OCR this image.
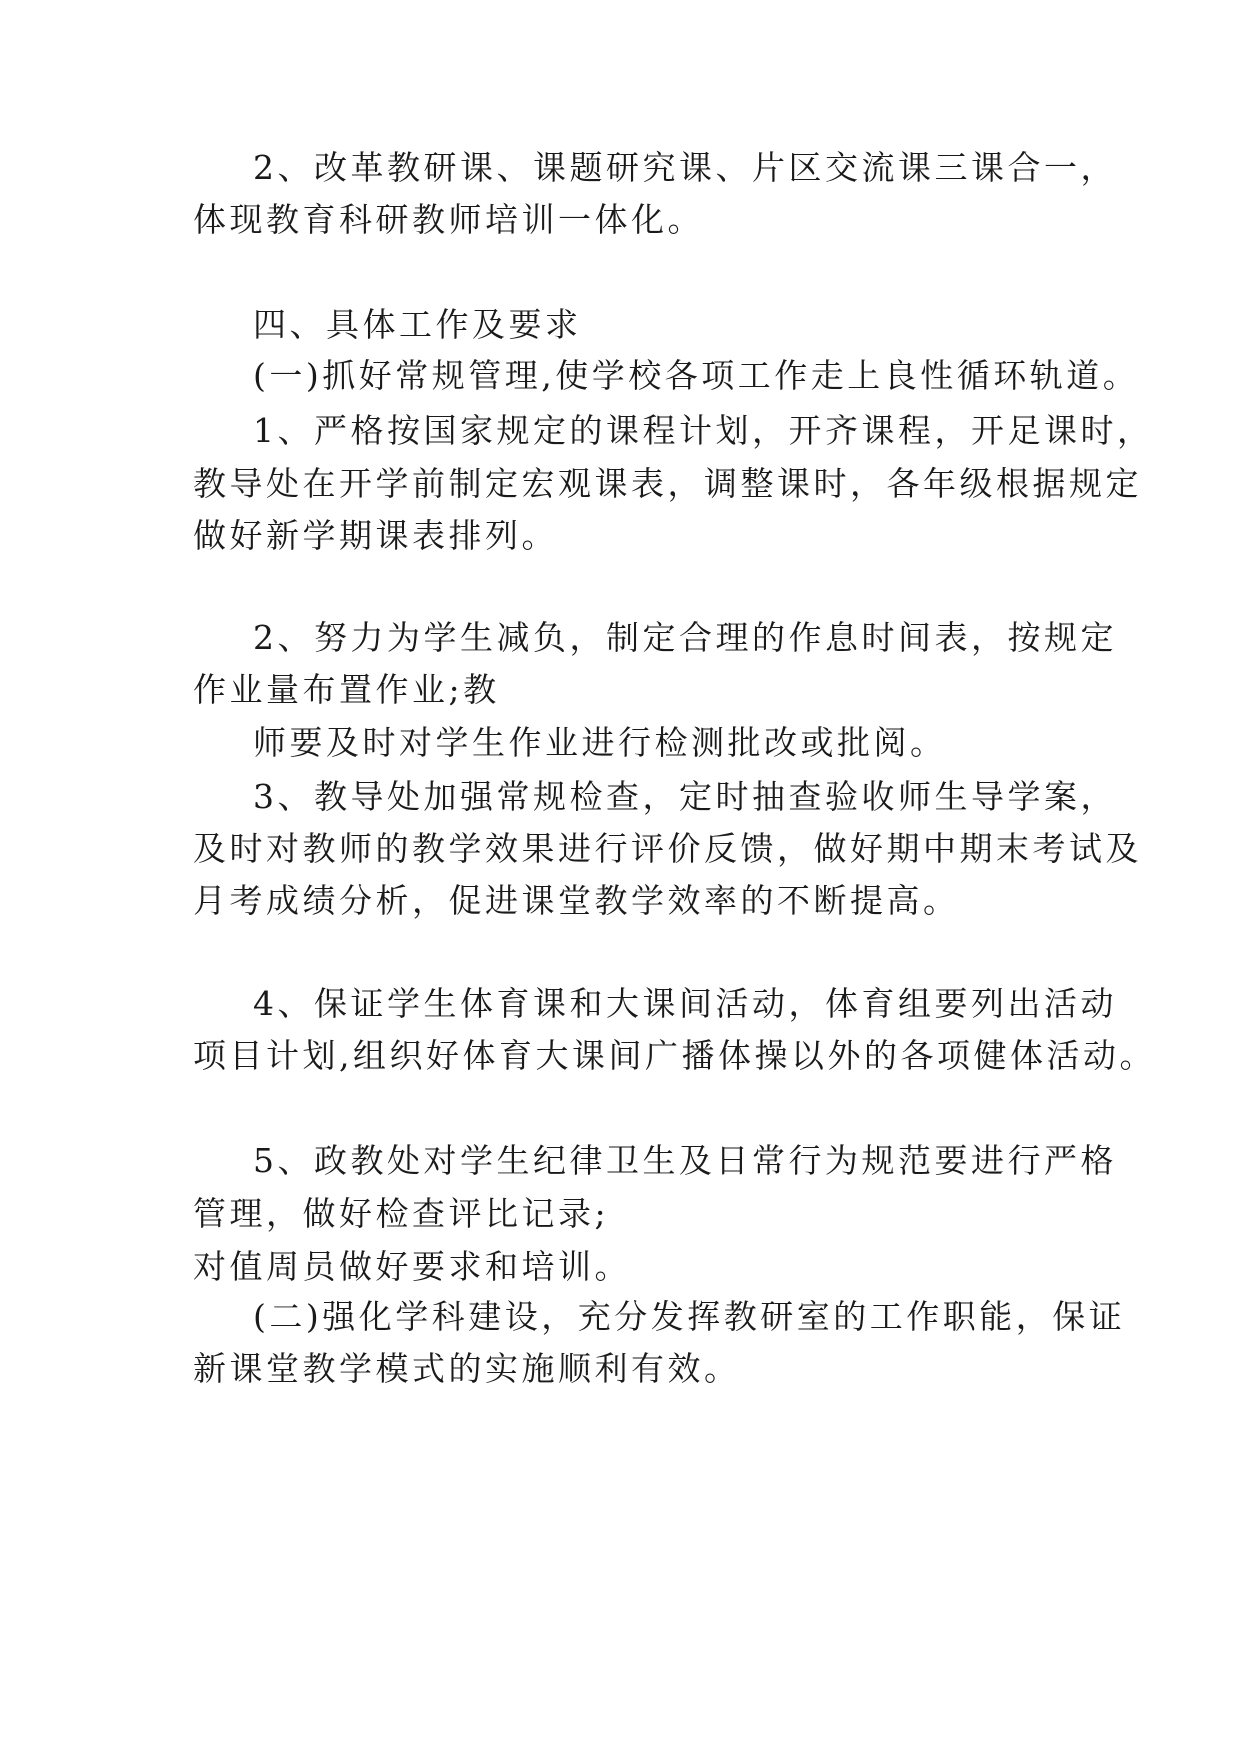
2、改革教研课、课题研究课、片区交流课三课合一，
体现教育科研教师培训一体化。
四、具体工作及要求
(一)抓好常规管理,使学校各项工作走上良性循环轨道。
1、严格按国家规定的课程计划，开齐课程，开足课时，
教导处在开学前制定宏观课表，调整课时，各年级根据规定
做好新学期课表排列。
2、努力为学生减负，制定合理的作息时间表，按规定
作业量布置作业;教
师要及时对学生作业进行检测批改或批阅。
3、教导处加强常规检查，定时抽查验收师生导学案，
及时对教师的教学效果进行评价反馈，做好期中期末考试及
月考成绩分析，促进课堂教学效率的不断提高。
4、保证学生体育课和大课间活动，体育组要列出活动
项目计划,组织好体育大课间广播体操以外的各项健体活动。
5、政教处对学生纪律卫生及日常行为规范要进行严格
管理，做好检查评比记录;
对值周员做好要求和培训。
(二)强化学科建设，充分发挥教研室的工作职能，保证
新课堂教学模式的实施顺利有效。
